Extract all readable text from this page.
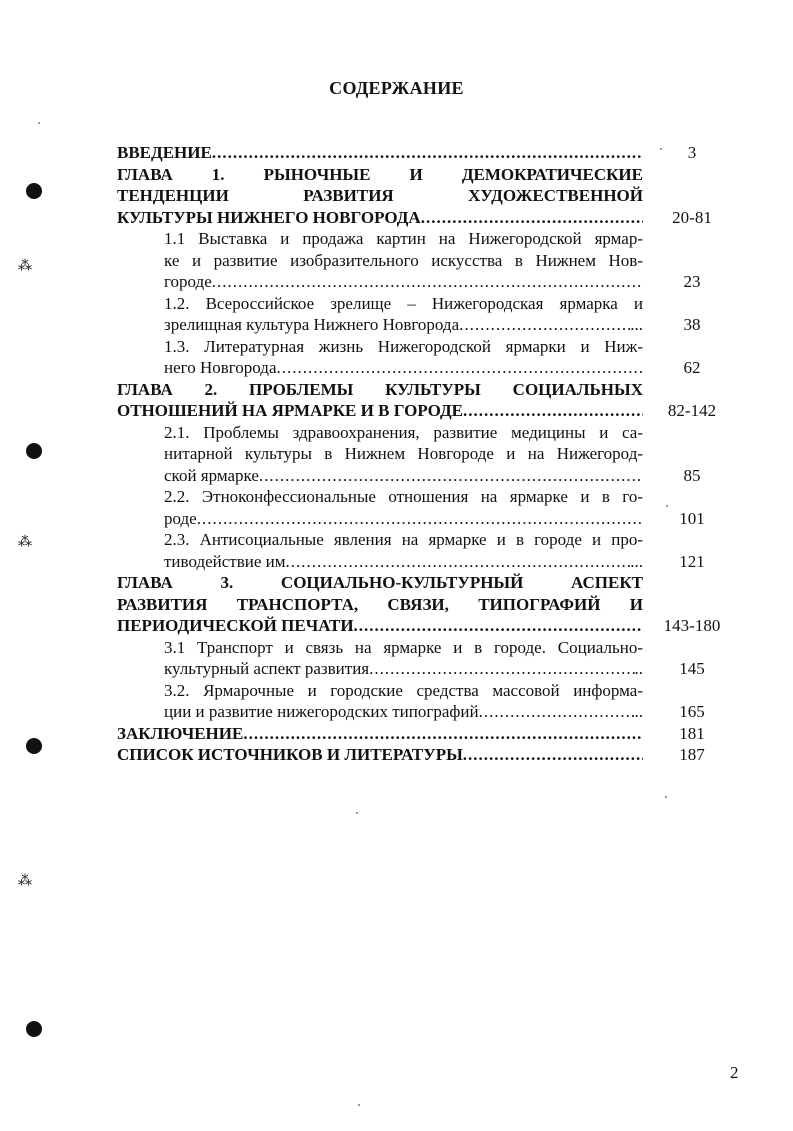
СОДЕРЖАНИЕ
ВВЕДЕНИЕ .....	3
ГЛАВА 1. РЫНОЧНЫЕ И ДЕМОКРАТИЧЕСКИЕ
ТЕНДЕНЦИИ РАЗВИТИЯ ХУДОЖЕСТВЕННОЙ
КУЛЬТУРЫ НИЖНЕГО НОВГОРОДА .....	20-81
1.1 Выставка и продажа картин на Нижегородской ярмар-
ке и развитие изобразительного искусства в Нижнем Нов-
городе .....	23
1.2. Всероссийское зрелище – Нижегородская ярмарка и
зрелищная культура Нижнего Новгорода .....	...	38
1.3. Литературная жизнь Нижегородской ярмарки и Ниж-
него Новгорода .....	62
ГЛАВА 2. ПРОБЛЕМЫ КУЛЬТУРЫ СОЦИАЛЬНЫХ
ОТНОШЕНИЙ НА ЯРМАРКЕ И В ГОРОДЕ .....	82-142
2.1. Проблемы здравоохранения, развитие медицины и са-
нитарной культуры в Нижнем Новгороде и на Нижегород-
ской ярмарке .....	85
2.2. Этноконфессиональные отношения на ярмарке и в го-
роде .....	101
2.3. Антисоциальные явления на ярмарке и в городе и про-
тиводействие им .....	...	121
ГЛАВА 3. СОЦИАЛЬНО-КУЛЬТУРНЫЙ АСПЕКТ
РАЗВИТИЯ ТРАНСПОРТА, СВЯЗИ, ТИПОГРАФИЙ И
ПЕРИОДИЧЕСКОЙ ПЕЧАТИ .....	143-180
3.1 Транспорт и связь на ярмарке и в городе. Социально-
культурный аспект развития .....	..	145
3.2. Ярмарочные и городские средства массовой информа-
ции и развитие нижегородских типографий .....	..	165
ЗАКЛЮЧЕНИЕ .....	181
СПИСОК ИСТОЧНИКОВ И ЛИТЕРАТУРЫ .....	187
2
⁂
⁂
⁂
